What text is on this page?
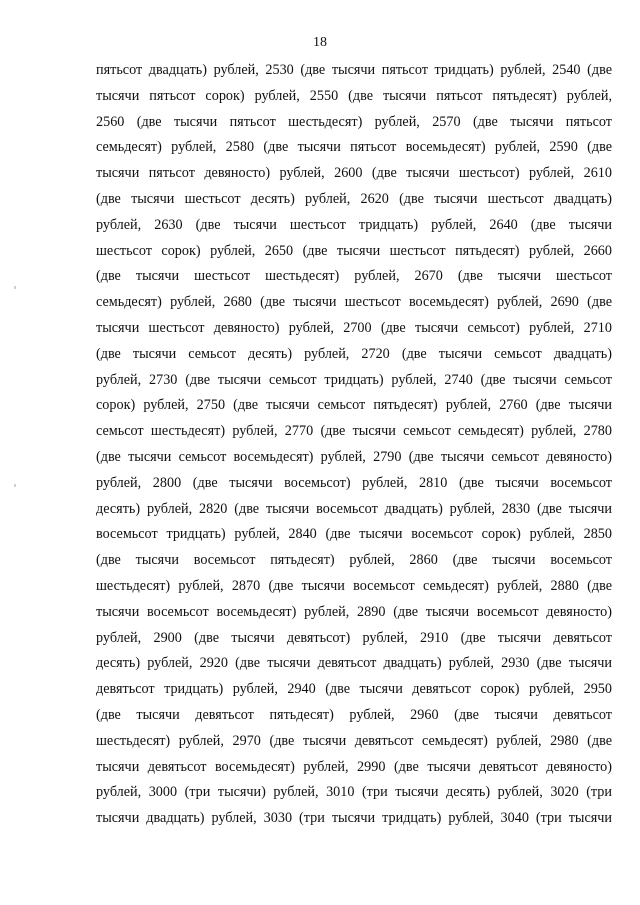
18
пятьсот двадцать) рублей, 2530 (две тысячи пятьсот тридцать) рублей, 2540 (две
тысячи пятьсот сорок) рублей, 2550 (две тысячи пятьсот пятьдесят) рублей,
2560 (две тысячи пятьсот шестьдесят) рублей, 2570 (две тысячи пятьсот
семьдесят) рублей, 2580 (две тысячи пятьсот восемьдесят) рублей, 2590 (две
тысячи пятьсот девяносто) рублей, 2600 (две тысячи шестьсот) рублей, 2610
(две тысячи шестьсот десять) рублей, 2620 (две тысячи шестьсот двадцать)
рублей, 2630 (две тысячи шестьсот тридцать) рублей, 2640 (две тысячи
шестьсот сорок) рублей, 2650 (две тысячи шестьсот пятьдесят) рублей, 2660
(две тысячи шестьсот шестьдесят) рублей, 2670 (две тысячи шестьсот
семьдесят) рублей, 2680 (две тысячи шестьсот восемьдесят) рублей, 2690 (две
тысячи шестьсот девяносто) рублей, 2700 (две тысячи семьсот) рублей, 2710
(две тысячи семьсот десять) рублей, 2720 (две тысячи семьсот двадцать)
рублей, 2730 (две тысячи семьсот тридцать) рублей, 2740 (две тысячи семьсот
сорок) рублей, 2750 (две тысячи семьсот пятьдесят) рублей, 2760 (две тысячи
семьсот шестьдесят) рублей, 2770 (две тысячи семьсот семьдесят) рублей, 2780
(две тысячи семьсот восемьдесят) рублей, 2790 (две тысячи семьсот девяносто)
рублей, 2800 (две тысячи восемьсот) рублей, 2810 (две тысячи восемьсот
десять) рублей, 2820 (две тысячи восемьсот двадцать) рублей, 2830 (две тысячи
восемьсот тридцать) рублей, 2840 (две тысячи восемьсот сорок) рублей, 2850
(две тысячи восемьсот пятьдесят) рублей, 2860 (две тысячи восемьсот
шестьдесят) рублей, 2870 (две тысячи восемьсот семьдесят) рублей, 2880 (две
тысячи восемьсот восемьдесят) рублей, 2890 (две тысячи восемьсот девяносто)
рублей, 2900 (две тысячи девятьсот) рублей, 2910 (две тысячи девятьсот
десять) рублей, 2920 (две тысячи девятьсот двадцать) рублей, 2930 (две тысячи
девятьсот тридцать) рублей, 2940 (две тысячи девятьсот сорок) рублей, 2950
(две тысячи девятьсот пятьдесят) рублей, 2960 (две тысячи девятьсот
шестьдесят) рублей, 2970 (две тысячи девятьсот семьдесят) рублей, 2980 (две
тысячи девятьсот восемьдесят) рублей, 2990 (две тысячи девятьсот девяносто)
рублей, 3000 (три тысячи) рублей, 3010 (три тысячи десять) рублей, 3020 (три
тысячи двадцать) рублей, 3030 (три тысячи тридцать) рублей, 3040 (три тысячи
